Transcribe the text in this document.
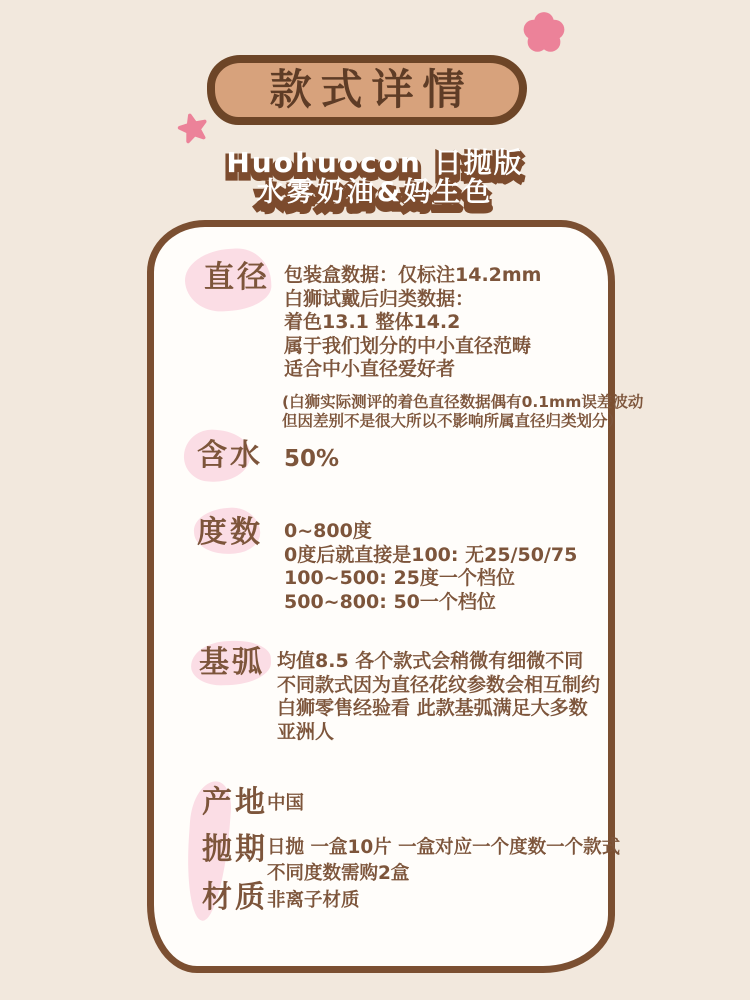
款式详情
Huohuocon 日抛版 Huohuocon 日抛版
水雾奶油&妈生色 水雾奶油&妈生色
直径 包装盒数据：仅标注14.2mm
白狮试戴后归类数据：
着色13.1 整体14.2
属于我们划分的中小直径范畴
适合中小直径爱好者
(白狮实际测评的着色直径数据偶有0.1mm误差波动
但因差别不是很大所以不影响所属直径归类划分）
含水 50%
度数 0~800度
0度后就直接是100: 无25/50/75
100~500: 25度一个档位
500~800: 50一个档位
基弧 均值8.5 各个款式会稍微有细微不同
不同款式因为直径花纹参数会相互制约
白狮零售经验看 此款基弧满足大多数
亚洲人
产地 中国
抛期 日抛 一盒10片 一盒对应一个度数一个款式
不同度数需购2盒
材质 非离子材质
